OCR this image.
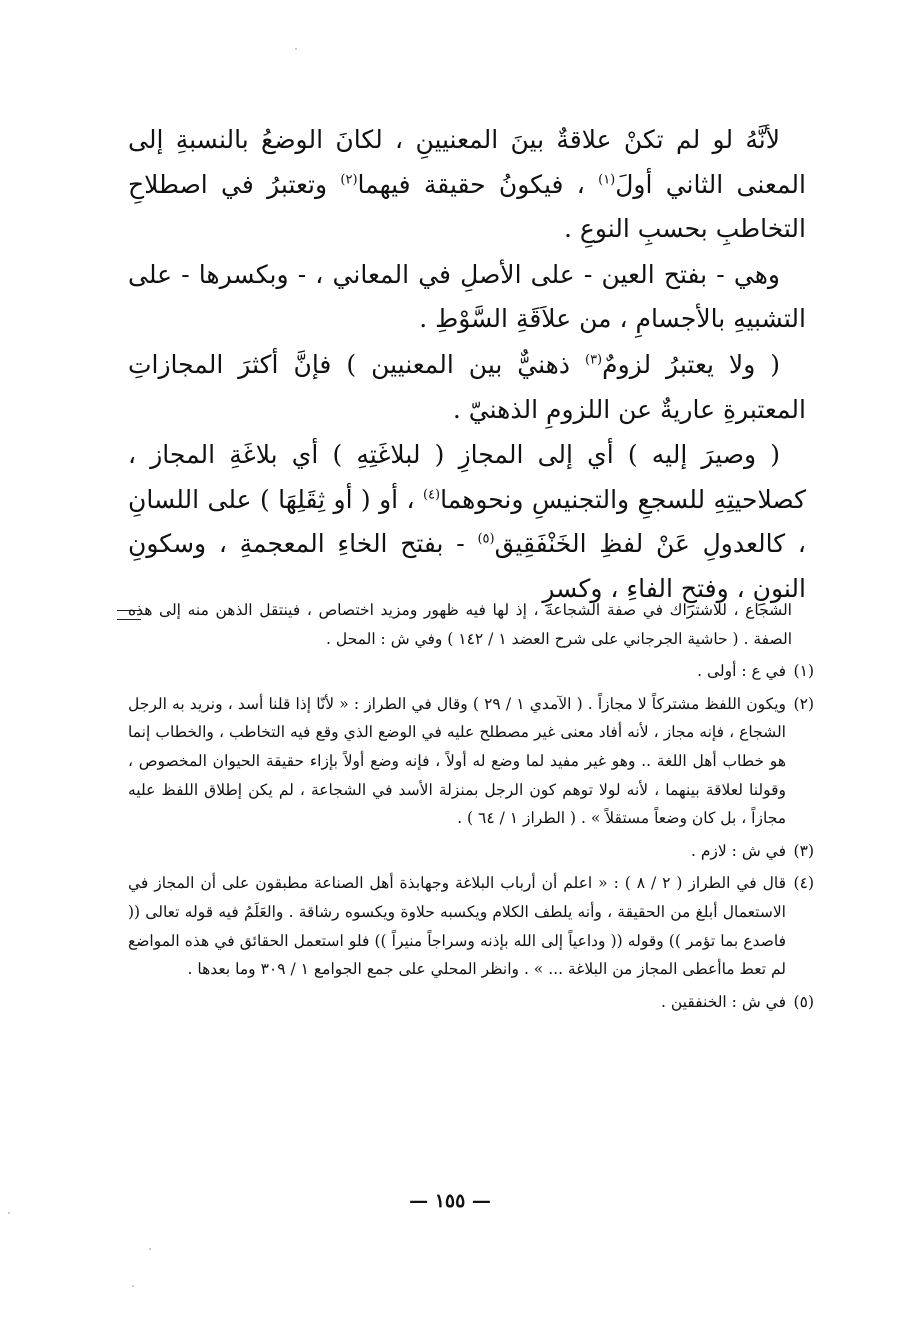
لأنَّهُ لو لم تكنْ علاقةٌ بينَ المعنيينِ ، لكانَ الوضعُ بالنسبةِ إلى المعنى الثاني أولَ$^{(١)}$ ، فيكونُ حقيقة فيهما$^{(٢)}$ وتعتبرُ في اصطلاحِ التخاطبِ بحسبِ النوعِ .

وهي - بفتح العين - على الأصلِ في المعاني ، - وبكسرها - على التشبيهِ بالأجسامِ ، من علاَقَةِ السَّوْطِ .

( ولا يعتبرُ لزومٌ$^{(٣)}$ ذهنيٌّ بين المعنيين ) فإنَّ أكثرَ المجازاتِ المعتبرةِ عاريةٌ عن اللزومِ الذهنيّ .

( وصيرَ إليه ) أي إلى المجازِ ( لبلاغَتِهِ ) أي بلاغَةِ المجاز ، كصلاحيتِهِ للسجعِ والتجنيسِ ونحوهما$^{(٤)}$ ، أو ( أو ثِقَلِهَا ) على اللسانِ ، كالعدولِ عَنْ لفظِ الخَنْفَقِيق$^{(٥)}$ - بفتح الخاءِ المعجمةِ ، وسكونِ النونِ ، وفتحِ الفاءِ ، وكسرِ

الشجاع ، للاشتراك في صفة الشجاعة ، إذ لها فيه ظهور ومزيد اختصاص ، فينتقل الذهن منه إلى هذه الصفة . ( حاشية الجرجاني على شرح العضد ١ / ١٤٢ ) وفي ش : المحل .

(١)
في ع : أولى .
(٢)
ويكون اللفظ مشتركاً لا مجازاً . ( الآمدي ١ / ٢٩ ) وقال في الطراز : « لأنّا إذا قلنا أسد ، ونريد به الرجل الشجاع ، فإنه مجاز ، لأنه أفاد معنى غير مصطلح عليه في الوضع الذي وقع فيه التخاطب ، والخطاب إنما هو خطاب أهل اللغة .. وهو غير مفيد لما وضع له أولاً ، فإنه وضع أولاً بإزاء حقيقة الحيوان المخصوص ، وقولنا لعلاقة بينهما ، لأنه لولا توهم كون الرجل بمنزلة الأسد في الشجاعة ، لم يكن إطلاق اللفظ عليه مجازاً ، بل كان وضعاً مستقلاً » . ( الطراز ١ / ٦٤ ) .
(٣)
في ش : لازم .
(٤)
قال في الطراز ( ٢ / ٨ ) : « اعلم أن أرباب البلاغة وجهابذة أهل الصناعة مطبقون على أن المجاز في الاستعمال أبلغ من الحقيقة ، وأنه يلطف الكلام ويكسبه حلاوة ويكسوه رشاقة . والعَلَمُ فيه قوله تعالى (( فاصدع بما تؤمر )) وقوله (( وداعياً إلى الله بإذنه وسراجاً منيراً )) فلو استعمل الحقائق في هذه المواضع لم تعط ماأعطى المجاز من البلاغة ... » . وانظر المحلي على جمع الجوامع ١ / ٣٠٩ وما بعدها .
(٥)
في ش : الخنفقين .
— ١٥٥ —
